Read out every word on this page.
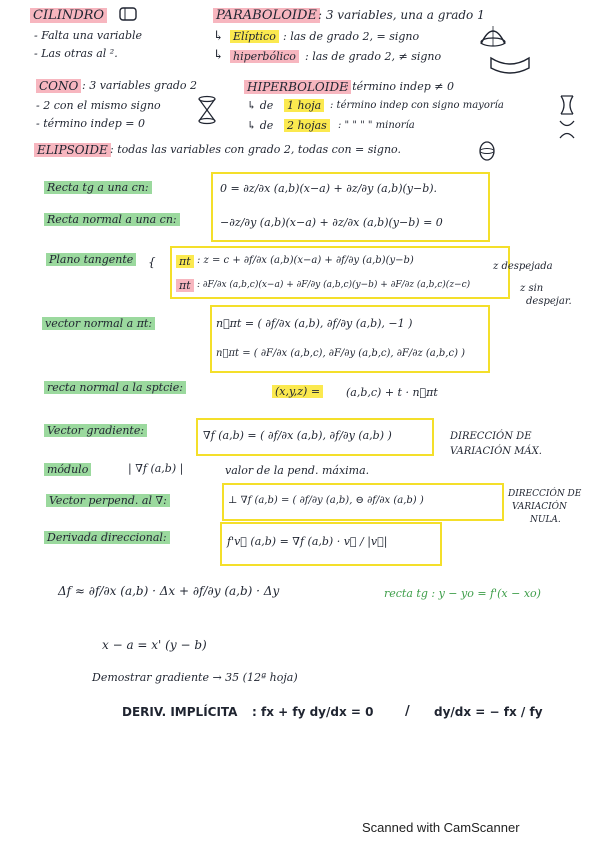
CILINDRO
- Falta una variable
- Las otras al ².
PARABOLOIDE : 3 variables, una a grado 1
↳ Elíptico : las de grado 2, = signo
↳ hiperbólico : las de grado 2, ≠ signo
CONO : 3 variables grado 2
- 2 con el mismo signo
- término indep = 0
HIPERBOLOIDE
: término indep ≠ 0
↳ de 1 hoja : término indep con signo mayoría
↳ de 2 hojas	: " " " " minoría
ELIPSOIDE : todas las variables con grado 2, todas con = signo.
Recta tg a una cn:	0 = ∂z/∂x (a,b)(x−a) + ∂z/∂y (a,b)(y−b).
Recta normal a una cn:	−∂z/∂y (a,b)(x−a) + ∂z/∂x (a,b)(y−b) = 0
Plano tangente { πt : z = c + ∂f/∂x (a,b)(x−a) + ∂f/∂y (a,b)(y−b)
z despejada
πt : ∂F/∂x (a,b,c)(x−a) + ∂F/∂y (a,b,c)(y−b) + ∂F/∂z (a,b,c)(z−c)	z sin
despejar.
vector normal a πt:	n⃗πt = ( ∂f/∂x (a,b), ∂f/∂y (a,b), −1 )
n⃗πt = ( ∂F/∂x (a,b,c), ∂F/∂y (a,b,c), ∂F/∂z (a,b,c) )
recta normal a la sptcie:	(x,y,z) = (a,b,c) + t · n⃗πt
Vector gradiente:	∇f (a,b) = ( ∂f/∂x (a,b), ∂f/∂y (a,b) )	DIRECCIÓN DE
VARIACIÓN MÁX.
módulo	| ∇f (a,b) |	valor de la pend. máxima.
Vector perpend. al ∇:	⊥ ∇f (a,b) = ( ∂f/∂y (a,b), ⊖ ∂f/∂x (a,b) )
DIRECCIÓN DE
VARIACIÓN
NULA.
Derivada direccional:	f'v⃗ (a,b) = ∇f (a,b) · v⃗ / |v⃗|
Δf ≈ ∂f/∂x (a,b) · Δx + ∂f/∂y (a,b) · Δy	recta tg : y − yo = f'(x − xo)
x − a = x' (y − b)
Demostrar gradiente → 35 (12ª hoja)
DERIV. IMPLÍCITA : fx + fy dy/dx = 0 / dy/dx = − fx / fy
Scanned with CamScanner
